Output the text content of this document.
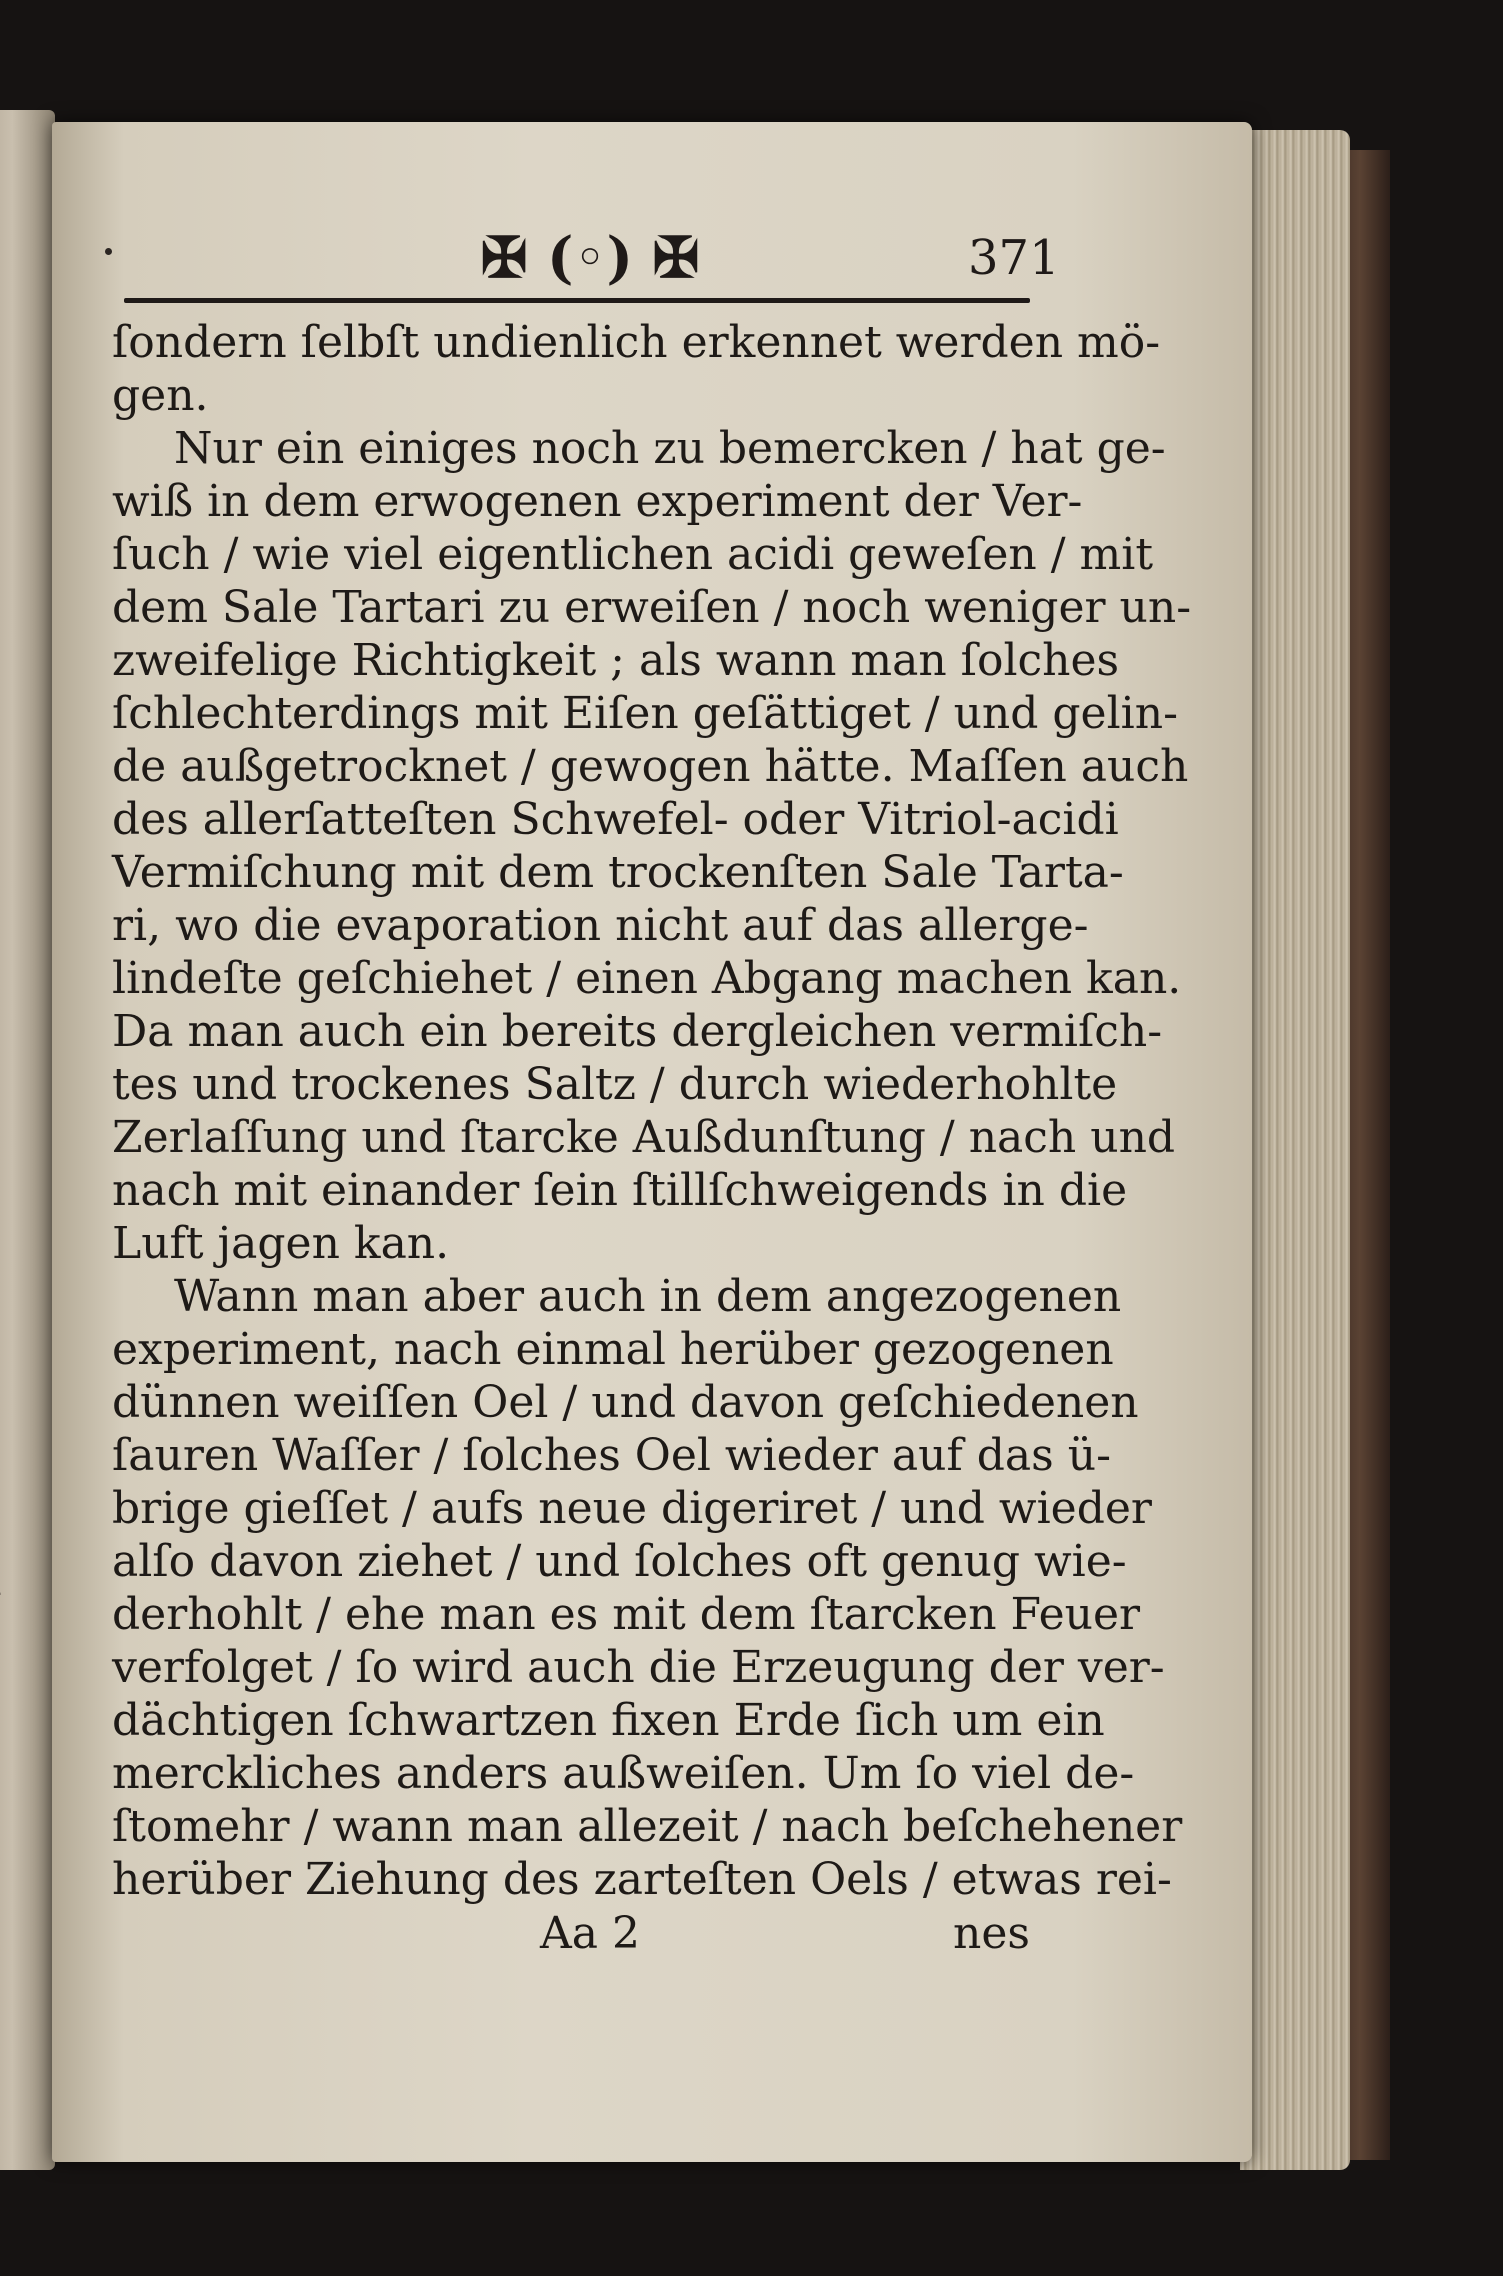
✠ (◦) ✠	371
ſondern ſelbſt undienlich erkennet werden mö-
gen.
Nur ein einiges noch zu bemercken / hat ge-
wiß in dem erwogenen experiment der Ver-
ſuch / wie viel eigentlichen acidi geweſen / mit
dem Sale Tartari zu erweiſen / noch weniger un-
zweifelige Richtigkeit ; als wann man ſolches
ſchlechterdings mit Eiſen geſättiget / und gelin-
de außgetrocknet / gewogen hätte. Maſſen auch
des allerſatteſten Schwefel- oder Vitriol-acidi
Vermiſchung mit dem trockenſten Sale Tarta-
ri, wo die evaporation nicht auf das allerge-
lindeſte geſchiehet / einen Abgang machen kan.
Da man auch ein bereits dergleichen vermiſch-
tes und trockenes Saltz / durch wiederhohlte
Zerlaſſung und ſtarcke Außdunſtung / nach und
nach mit einander ſein ſtillſchweigends in die
Luft jagen kan.
Wann man aber auch in dem angezogenen
experiment, nach einmal herüber gezogenen
dünnen weiſſen Oel / und davon geſchiedenen
ſauren Waſſer / ſolches Oel wieder auf das ü-
brige gieſſet / aufs neue digeriret / und wieder
alſo davon ziehet / und ſolches oft genug wie-
derhohlt / ehe man es mit dem ſtarcken Feuer
verfolget / ſo wird auch die Erzeugung der ver-
dächtigen ſchwartzen fixen Erde ſich um ein
merckliches anders außweiſen. Um ſo viel de-
ſtomehr / wann man allezeit / nach beſchehener
herüber Ziehung des zarteſten Oels / etwas rei-
Aa 2	nes
